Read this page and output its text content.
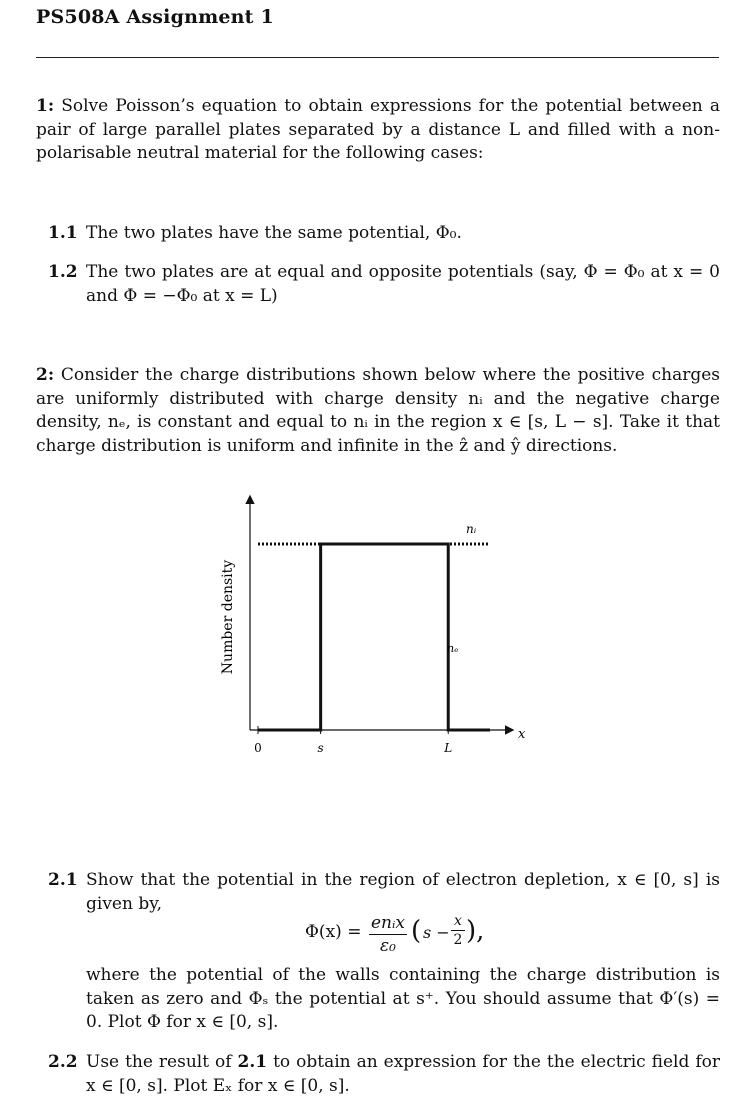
PS508A Assignment 1
1: Solve Poisson’s equation to obtain expressions for the potential between a pair of large parallel plates separated by a distance L and filled with a non-polarisable neutral material for the following cases:
1.1 The two plates have the same potential, Φ₀.
1.2 The two plates are at equal and opposite potentials (say, Φ = Φ₀ at x = 0 and Φ = −Φ₀ at x = L)
2: Consider the charge distributions shown below where the positive charges are uniformly distributed with charge density nᵢ and the negative charge density, nₑ, is constant and equal to nᵢ in the region x ∈ [s, L − s]. Take it that charge distribution is uniform and infinite in the ẑ and ŷ directions.
0	s	L
Number density
x
nᵢ
nₑ
2.1 Show that the potential in the region of electron depletion, x ∈ [0, s] is given by,
Φ(x) = enᵢx
ε₀ ( s −
x
2 ),
where the potential of the walls containing the charge distribution is taken as zero and Φₛ the potential at s⁺. You should assume that Φ′(s) = 0. Plot Φ for x ∈ [0, s].
2.2 Use the result of 2.1 to obtain an expression for the the electric field for x ∈ [0, s]. Plot Eₓ for x ∈ [0, s].
